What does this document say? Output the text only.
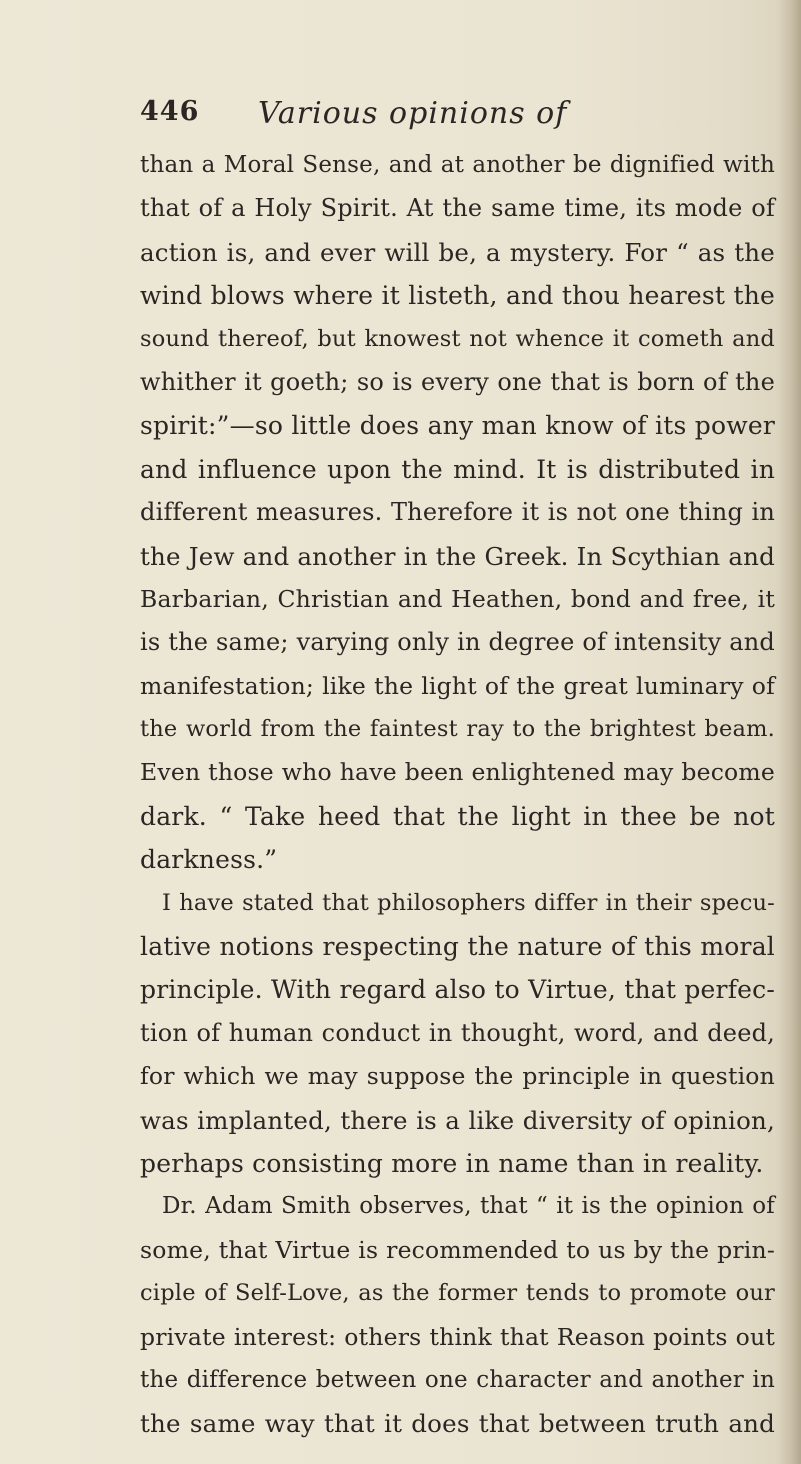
446 Various opinions of
than a Moral Sense, and at another be dignified with
that of a Holy Spirit. At the same time, its mode of
action is, and ever will be, a mystery. For “ as the
wind blows where it listeth, and thou hearest the
sound thereof, but knowest not whence it cometh and
whither it goeth; so is every one that is born of the
spirit:”—so little does any man know of its power
and influence upon the mind. It is distributed in
different measures. Therefore it is not one thing in
the Jew and another in the Greek. In Scythian and
Barbarian, Christian and Heathen, bond and free, it
is the same; varying only in degree of intensity and
manifestation; like the light of the great luminary of
the world from the faintest ray to the brightest beam.
Even those who have been enlightened may become
dark. “ Take heed that the light in thee be not
darkness.”
I have stated that philosophers differ in their specu-
lative notions respecting the nature of this moral
principle. With regard also to Virtue, that perfec-
tion of human conduct in thought, word, and deed,
for which we may suppose the principle in question
was implanted, there is a like diversity of opinion,
perhaps consisting more in name than in reality.
Dr. Adam Smith observes, that “ it is the opinion of
some, that Virtue is recommended to us by the prin-
ciple of Self-Love, as the former tends to promote our
private interest: others think that Reason points out
the difference between one character and another in
the same way that it does that between truth and
